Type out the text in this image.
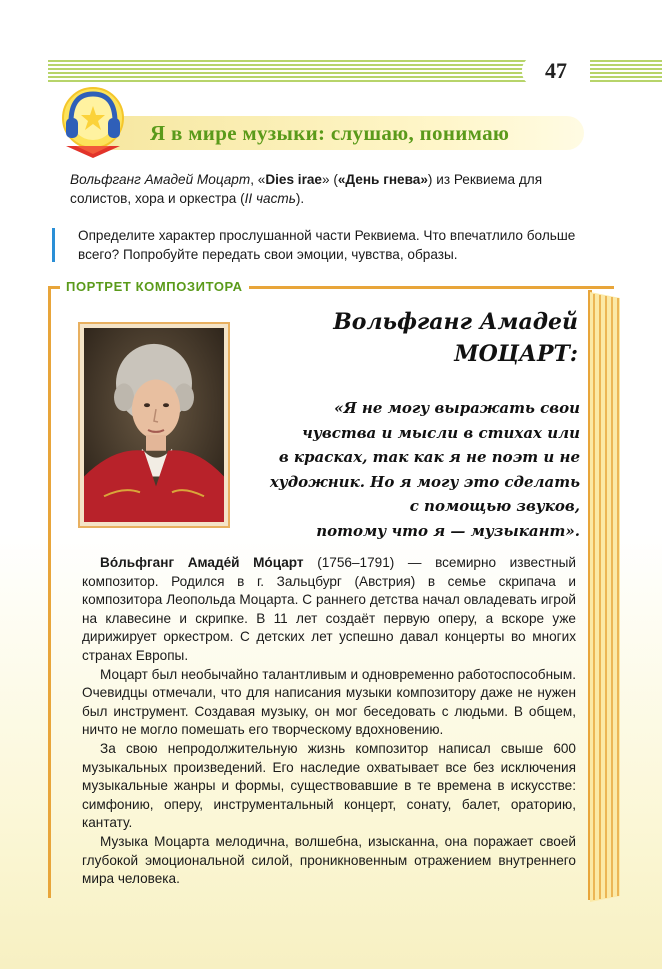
47
Я в мире музыки: слушаю, понимаю
Вольфганг Амадей Моцарт, «Dies irae» («День гнева») из Реквиема для солистов, хора и оркестра (II часть).
Определите характер прослушанной части Реквиема. Что впечатлило больше всего? Попробуйте передать свои эмоции, чувства, образы.
ПОРТРЕТ КОМПОЗИТОРА
Вольфганг Амадей
МОЦАРТ:
«Я не могу выражать свои
чувства и мысли в стихах или
в красках, так как я не поэт и не
художник. Но я могу это сделать
с помощью звуков,
потому что я — музыкант».

Во́льфганг Амаде́й Мо́царт (1756–1791) — всемирно известный композитор. Родился в г. Зальцбург (Австрия) в семье скрипача и композитора Леопольда Моцарта. С раннего детства начал овладевать игрой на клавесине и скрипке. В 11 лет создаёт первую оперу, а вскоре уже дирижирует оркестром. С детских лет успешно давал концерты во многих странах Европы.

Моцарт был необычайно талантливым и одновременно работоспособным. Очевидцы отмечали, что для написания музыки композитору даже не нужен был инструмент. Создавая музыку, он мог беседовать с людьми. В общем, ничто не могло помешать его творческому вдохновению.

За свою непродолжительную жизнь композитор написал свыше 600 музыкальных произведений. Его наследие охватывает все без исключения музыкальные жанры и формы, существовавшие в те времена в искусстве: симфонию, оперу, инструментальный концерт, сонату, балет, ораторию, кантату.

Музыка Моцарта мелодична, волшебна, изысканна, она поражает своей глубокой эмоциональной силой, проникновенным отражением внутреннего мира человека.
